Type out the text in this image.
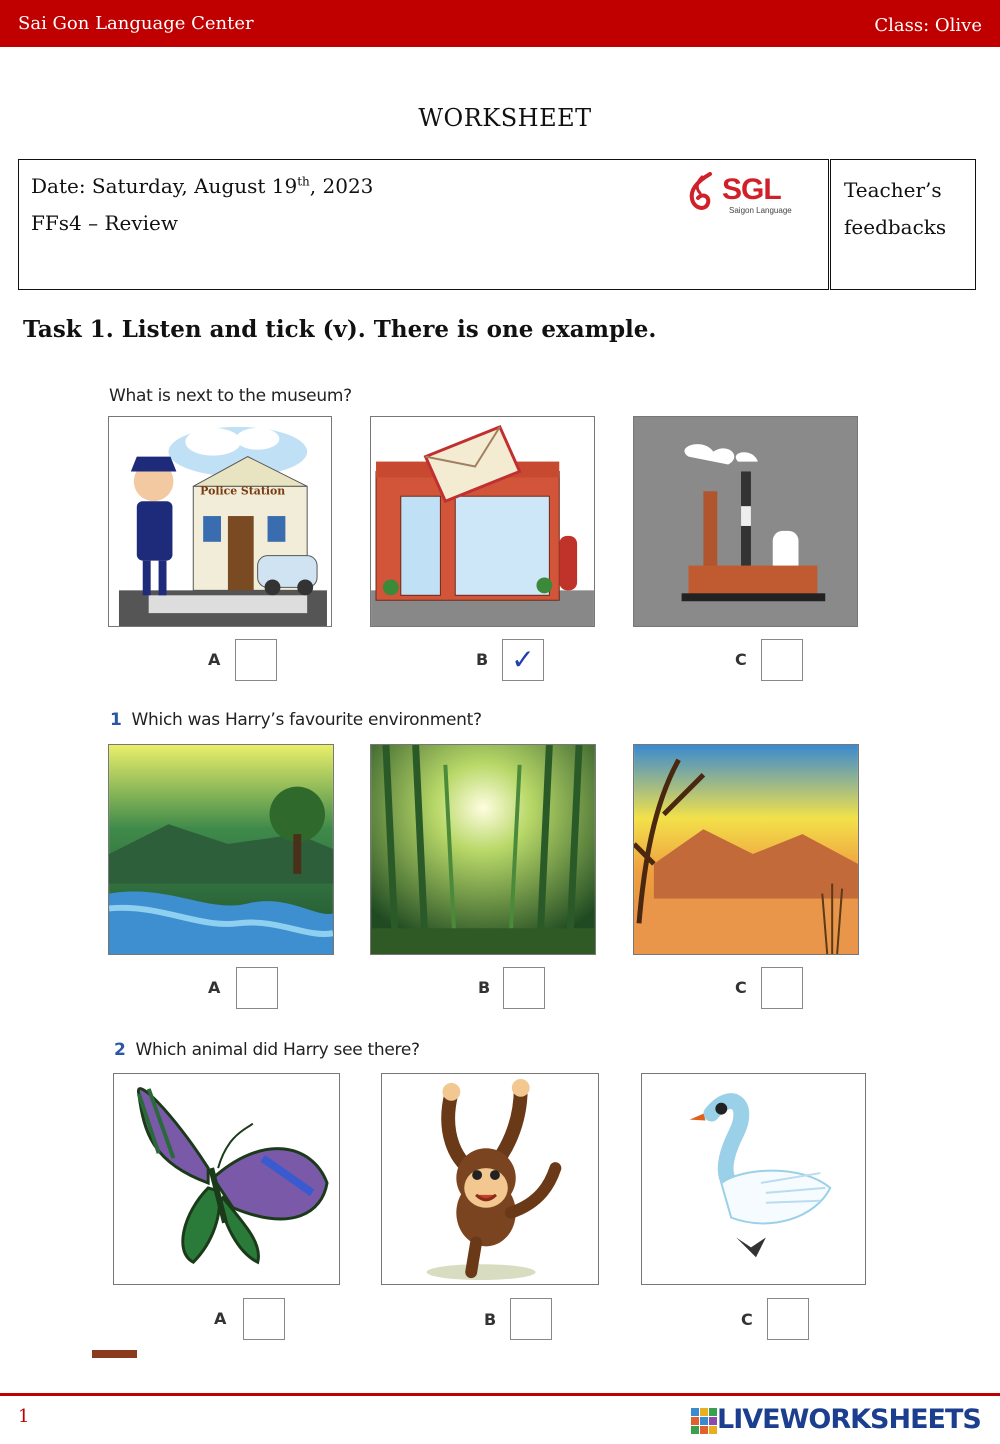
Sai Gon Language Center	Class: Olive
WORKSHEET
Date: Saturday, August 19th, 2023
FFs4 – Review
SGL
Saigon Language
Teacher’s
feedbacks
Task 1. Listen and tick (v). There is one example.
What is next to the museum?
Police Station
A	B ✓	C
1 Which was Harry’s favourite environment?
A	B	C
2 Which animal did Harry see there?
A	B	C
1	LIVEWORKSHEETS
